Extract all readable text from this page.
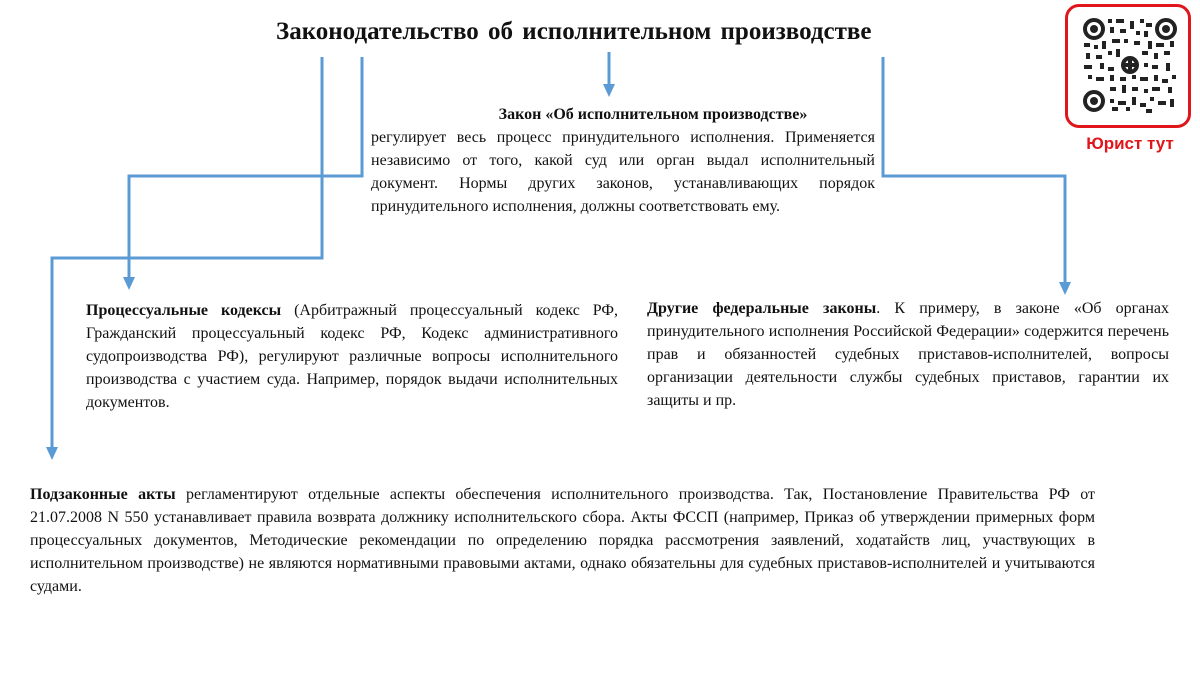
Законодательство об исполнительном производстве
Закон «Об исполнительном производстве»
регулирует весь процесс принудительного исполнения. Применяется независимо от того, какой суд или орган выдал исполнительный документ. Нормы других законов, устанавливающих порядок принудительного исполнения, должны соответствовать ему.
Процессуальные кодексы (Арбитражный процессуальный кодекс РФ, Гражданский процессуальный кодекс РФ, Кодекс административного судопроизводства РФ), регулируют различные вопросы исполнительного производства с участием суда. Например, порядок выдачи исполнительных документов.
Другие федеральные законы. К примеру, в законе «Об органах принудительного исполнения Российской Федерации» содержится перечень прав и обязанностей судебных приставов-исполнителей, вопросы организации деятельности службы судебных приставов, гарантии их защиты и пр.
Подзаконные акты регламентируют отдельные аспекты обеспечения исполнительного производства. Так, Постановление Правительства РФ от 21.07.2008 N 550 устанавливает правила возврата должнику исполнительского сбора. Акты ФССП (например, Приказ об утверждении примерных форм процессуальных документов, Методические рекомендации по определению порядка рассмотрения заявлений, ходатайств лиц, участвующих в исполнительном производстве) не являются нормативными правовыми актами, однако обязательны для судебных приставов-исполнителей и учитываются судами.
Юрист тут
